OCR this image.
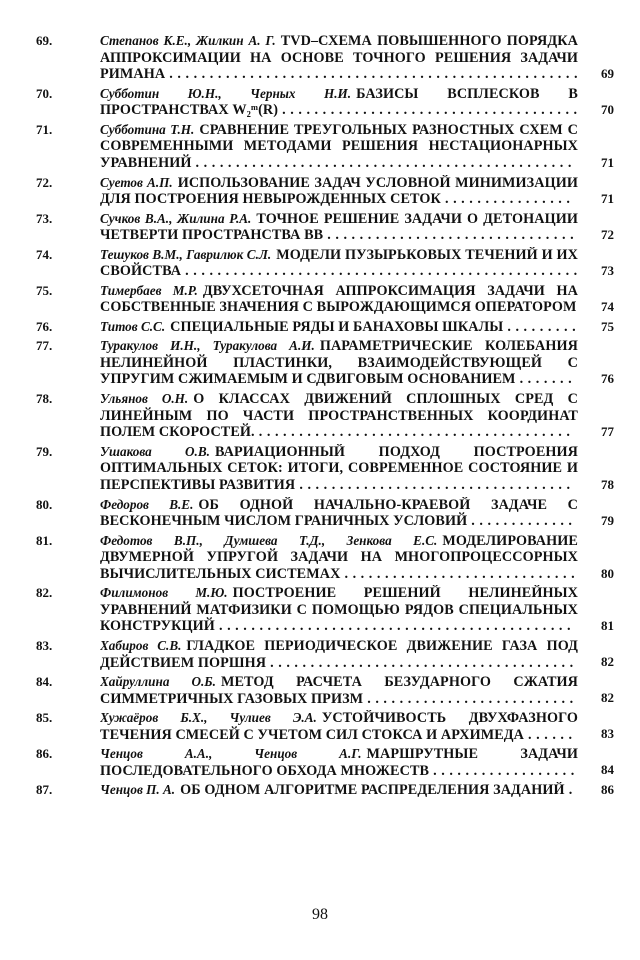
69.	Степанов К.Е., Жилкин А. Г. TVD–СХЕМА ПОВЫШЕННОГО ПОРЯДКА АППРОКСИМАЦИИ НА ОСНОВЕ ТОЧНОГО РЕШЕНИЯ ЗАДАЧИ РИМАНА . . . . . . . . . . . . . . . . . . . . . . . . . . . . . . . . . . . . . . . . . . . . . . . . . . .	69
70.	Субботин Ю.Н., Черных Н.И. БАЗИСЫ ВСПЛЕСКОВ В ПРОСТРАНСТВАХ W₂ᵐ(R) . . . . . . . . . . . . . . . . . . . . . . . . . . . . . . . . . . . . .	70
71.	Субботина Т.Н. СРАВНЕНИЕ ТРЕУГОЛЬНЫХ РАЗНОСТНЫХ СХЕМ С СОВРЕМЕННЫМИ МЕТОДАМИ РЕШЕНИЯ НЕСТАЦИОНАРНЫХ УРАВНЕНИЙ . . . . . . . . . . . . . . . . . . . . . . . . . . . . . . . . . . . . . . . . . . . . . . .	71
72.	Суетов А.П. ИСПОЛЬЗОВАНИЕ ЗАДАЧ УСЛОВНОЙ МИНИМИЗАЦИИ ДЛЯ ПОСТРОЕНИЯ НЕВЫРОЖДЕННЫХ СЕТОК . . . . . . . . . . . . . . . .	71
73.	Сучков В.А., Жилина Р.А. ТОЧНОЕ РЕШЕНИЕ ЗАДАЧИ О ДЕТОНАЦИИ ЧЕТВЕРТИ ПРОСТРАНСТВА ВВ . . . . . . . . . . . . . . . . . . . . . . . . . . . . . . .	72
74.	Тешуков В.М., Гаврилюк С.Л. МОДЕЛИ ПУЗЫРЬКОВЫХ ТЕЧЕНИЙ И ИХ СВОЙСТВА . . . . . . . . . . . . . . . . . . . . . . . . . . . . . . . . . . . . . . . . . . . . . . . . .	73
75.	Тимербаев М.Р. ДВУХСЕТОЧНАЯ АППРОКСИМАЦИЯ ЗАДАЧИ НА СОБСТВЕННЫЕ ЗНАЧЕНИЯ С ВЫРОЖДАЮЩИМСЯ ОПЕРАТОРОМ	74
76.	Титов С.С. СПЕЦИАЛЬНЫЕ РЯДЫ И БАНАХОВЫ ШКАЛЫ . . . . . . . . .	75
77.	Туракулов И.Н., Туракулова А.И. ПАРАМЕТРИЧЕСКИЕ КОЛЕБАНИЯ НЕЛИНЕЙНОЙ ПЛАСТИНКИ, ВЗАИМОДЕЙСТВУЮЩЕЙ С УПРУГИМ СЖИМАЕМЫМ И СДВИГОВЫМ ОСНОВАНИЕМ . . . . . . .	76
78.	Ульянов О.Н. О КЛАССАХ ДВИЖЕНИЙ СПЛОШНЫХ СРЕД С ЛИНЕЙНЫМ ПО ЧАСТИ ПРОСТРАНСТВЕННЫХ КООРДИНАТ ПОЛЕМ СКОРОСТЕЙ. . . . . . . . . . . . . . . . . . . . . . . . . . . . . . . . . . . . . . . .	77
79.	Ушакова О.В. ВАРИАЦИОННЫЙ ПОДХОД ПОСТРОЕНИЯ ОПТИМАЛЬНЫХ СЕТОК: ИТОГИ, СОВРЕМЕННОЕ СОСТОЯНИЕ И ПЕРСПЕКТИВЫ РАЗВИТИЯ . . . . . . . . . . . . . . . . . . . . . . . . . . . . . . . . . .	78
80.	Федоров В.Е. ОБ ОДНОЙ НАЧАЛЬНО-КРАЕВОЙ ЗАДАЧЕ С ВЕСКОНЕЧНЫМ ЧИСЛОМ ГРАНИЧНЫХ УСЛОВИЙ . . . . . . . . . . . . .	79
81.	Федотов В.П., Думшева Т.Д., Зенкова Е.С. МОДЕЛИРОВАНИЕ ДВУМЕРНОЙ УПРУГОЙ ЗАДАЧИ НА МНОГОПРОЦЕССОРНЫХ ВЫЧИСЛИТЕЛЬНЫХ СИСТЕМАХ . . . . . . . . . . . . . . . . . . . . . . . . . . . . .	80
82.	Филимонов М.Ю. ПОСТРОЕНИЕ РЕШЕНИЙ НЕЛИНЕЙНЫХ УРАВНЕНИЙ МАТФИЗИКИ С ПОМОЩЬЮ РЯДОВ СПЕЦИАЛЬНЫХ КОНСТРУКЦИЙ . . . . . . . . . . . . . . . . . . . . . . . . . . . . . . . . . . . . . . . . . . . .	81
83.	Хабиров С.В. ГЛАДКОЕ ПЕРИОДИЧЕСКОЕ ДВИЖЕНИЕ ГАЗА ПОД ДЕЙСТВИЕМ ПОРШНЯ . . . . . . . . . . . . . . . . . . . . . . . . . . . . . . . . . . . . . .	82
84.	Хайруллина О.Б. МЕТОД РАСЧЕТА БЕЗУДАРНОГО СЖАТИЯ СИММЕТРИЧНЫХ ГАЗОВЫХ ПРИЗМ . . . . . . . . . . . . . . . . . . . . . . . . . .	82
85.	Хужаёров Б.Х., Чулиев Э.А. УСТОЙЧИВОСТЬ ДВУХФАЗНОГО ТЕЧЕНИЯ СМЕСЕЙ С УЧЕТОМ СИЛ СТОКСА И АРХИМЕДА . . . . . .	83
86.	Ченцов А.А., Ченцов А.Г. МАРШРУТНЫЕ ЗАДАЧИ ПОСЛЕДОВАТЕЛЬНОГО ОБХОДА МНОЖЕСТВ . . . . . . . . . . . . . . . . . .	84
87.	Ченцов П. А. ОБ ОДНОМ АЛГОРИТМЕ РАСПРЕДЕЛЕНИЯ ЗАДАНИЙ .	86
98
